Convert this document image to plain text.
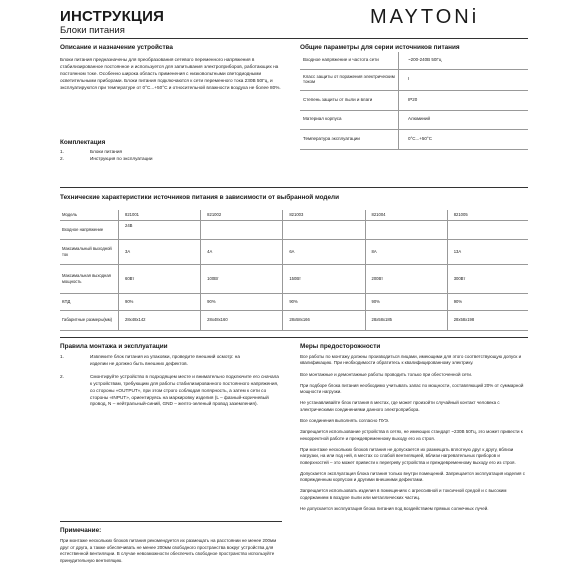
ИНСТРУКЦИЯ
Блоки питания
MAYTONi
Описание и назначение устройства
Блоки питания предназначены для преобразования сетевого переменного напряжения в стабилизированное постоянное и используется для запитывания электроприборов, работающих на постоянном токе. Особенно широка область применения с низковольтными светодиодными осветительными приборами. Блоки питания подключаются к сети переменного тока 230В 50Гц, и эксплуатируются при температуре от 0°C...+50°C и относительной влажности воздуха не более 80%.
Комплектация
1.	Блоки питания
2.	Инструкция по эксплуатации
Общие параметры для серии источников питания
Входное напряжение и частота сети	~200-240В 50Гц
Класс защиты от поражения электрическим током	I
Степень защиты от пыли и влаги	IP20
Материал корпуса	Алюминий
Температура эксплуатации	0°C...+50°C
Технические характеристики источников питания в зависимости от выбранной модели
Модель	821001	821002	821003	821004	821005
Входное напряжение	24В				
Максимальный выходной ток	3A	4A	6A	8A	13A
Максимальная выходная мощность	60Вт	100Вт	150Вт	200Вт	300Вт
КПД	90%	90%	90%	90%	90%
Габаритные размеры(мм)	28х48х142	28х48х160	28х58х166	28х58х185	28х58х198
Правила монтажа и эксплуатации
1.	Извлеките блок питания из упаковки, проведите внешний осмотр: на изделии не должно быть внешних дефектов.
2.	Смонтируйте устройство в подходящем месте и внимательно подключите его сначала к устройствам, требующим для работы стабилизированного постоянного напряжения, со стороны «OUTPUT», при этом строго соблюдая полярность, а затем к сети со стороны «INPUT», ориентируясь на маркировку изделия (L – фазный-коричневый провод, N – нейтральный-синий, GND – желто-зеленый провод заземления).
Примечание:
При монтаже нескольких блоков питания рекомендуется их размещать на расстоянии не менее 200мм друг от друга, а также обеспечивать не менее 200мм свободного пространства вокруг устройства для естественной вентиляции. В случае невозможности обеспечить свободное пространство используйте принудительную вентиляцию.
Меры предосторожности
Все работы по монтажу должны производиться лицами, имеющими для этого соответствующую допуск и квалификацию. При необходимости обратитесь к квалифицированному электрику.
Все монтажные и демонтажные работы проводить только при обесточенной сети.
При подборе блока питания необходимо учитывать запас по мощности, составляющий 20% от суммарной мощности нагрузки.
Не устанавливайте блок питания в местах, где может произойти случайный контакт человека с электрическими соединениями данного электроприбора.
Все соединения выполнять согласно ПУЭ.
Запрещается использование устройства в сетях, не имеющих стандарт ~230В 50Гц, это может привести к некорректной работе и преждевременному выходу его из строя.
При монтаже нескольких блоков питания не допускается их размещать вплотную друг к другу, вблизи нагрузки, на или под ней, в местах со слабой вентиляцией, вблизи нагревательных приборов и поверхностей – это может привести к перегреву устройства и преждевременному выходу его из строя.
Допускается эксплуатация блока питания только внутри помещений. Запрещается эксплуатация изделия с поврежденным корпусом и другими внешними дефектами.
Запрещается использовать изделия в помещениях с агрессивной и токсичной средой и с высоким содержанием в воздухе пыли или металлических частиц.
Не допускается эксплуатация блока питания под воздействием прямых солнечных лучей.
